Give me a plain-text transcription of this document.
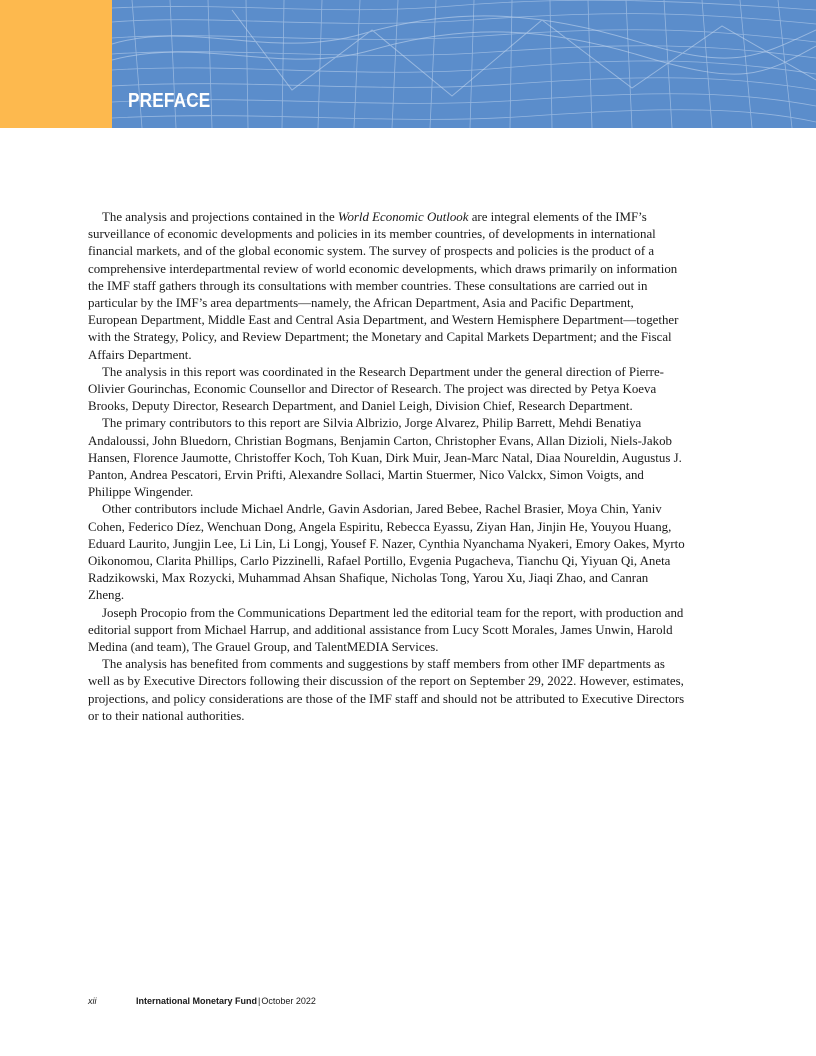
PREFACE

The analysis and projections contained in the World Economic Outlook are integral elements of the IMF’s surveillance of economic developments and policies in its member countries, of developments in international financial markets, and of the global economic system. The survey of prospects and policies is the product of a comprehensive interdepartmental review of world economic developments, which draws primarily on information the IMF staff gathers through its consultations with member countries. These consultations are carried out in particular by the IMF’s area departments—namely, the African Department, Asia and Pacific Department, European Department, Middle East and Central Asia Department, and Western Hemisphere Department—together with the Strategy, Policy, and Review Department; the Monetary and Capital Markets Department; and the Fiscal Affairs Department.

The analysis in this report was coordinated in the Research Department under the general direction of Pierre-Olivier Gourinchas, Economic Counsellor and Director of Research. The project was directed by Petya Koeva Brooks, Deputy Director, Research Department, and Daniel Leigh, Division Chief, Research Department.

The primary contributors to this report are Silvia Albrizio, Jorge Alvarez, Philip Barrett, Mehdi Benatiya Andaloussi, John Bluedorn, Christian Bogmans, Benjamin Carton, Christopher Evans, Allan Dizioli, Niels-Jakob Hansen, Florence Jaumotte, Christoffer Koch, Toh Kuan, Dirk Muir, Jean-Marc Natal, Diaa Noureldin, Augustus J. Panton, Andrea Pescatori, Ervin Prifti, Alexandre Sollaci, Martin Stuermer, Nico Valckx, Simon Voigts, and Philippe Wingender.

Other contributors include Michael Andrle, Gavin Asdorian, Jared Bebee, Rachel Brasier, Moya Chin, Yaniv Cohen, Federico Díez, Wenchuan Dong, Angela Espiritu, Rebecca Eyassu, Ziyan Han, Jinjin He, Youyou Huang, Eduard Laurito, Jungjin Lee, Li Lin, Li Longj, Yousef F. Nazer, Cynthia Nyanchama Nyakeri, Emory Oakes, Myrto Oikonomou, Clarita Phillips, Carlo Pizzinelli, Rafael Portillo, Evgenia Pugacheva, Tianchu Qi, Yiyuan Qi, Aneta Radzikowski, Max Rozycki, Muhammad Ahsan Shafique, Nicholas Tong, Yarou Xu, Jiaqi Zhao, and Canran Zheng.

Joseph Procopio from the Communications Department led the editorial team for the report, with production and editorial support from Michael Harrup, and additional assistance from Lucy Scott Morales, James Unwin, Harold Medina (and team), The Grauel Group, and TalentMEDIA Services.

The analysis has benefited from comments and suggestions by staff members from other IMF departments as well as by Executive Directors following their discussion of the report on September 29, 2022. However, estimates, projections, and policy considerations are those of the IMF staff and should not be attributed to Executive Directors or to their national authorities.

xii	International Monetary Fund|October 2022
